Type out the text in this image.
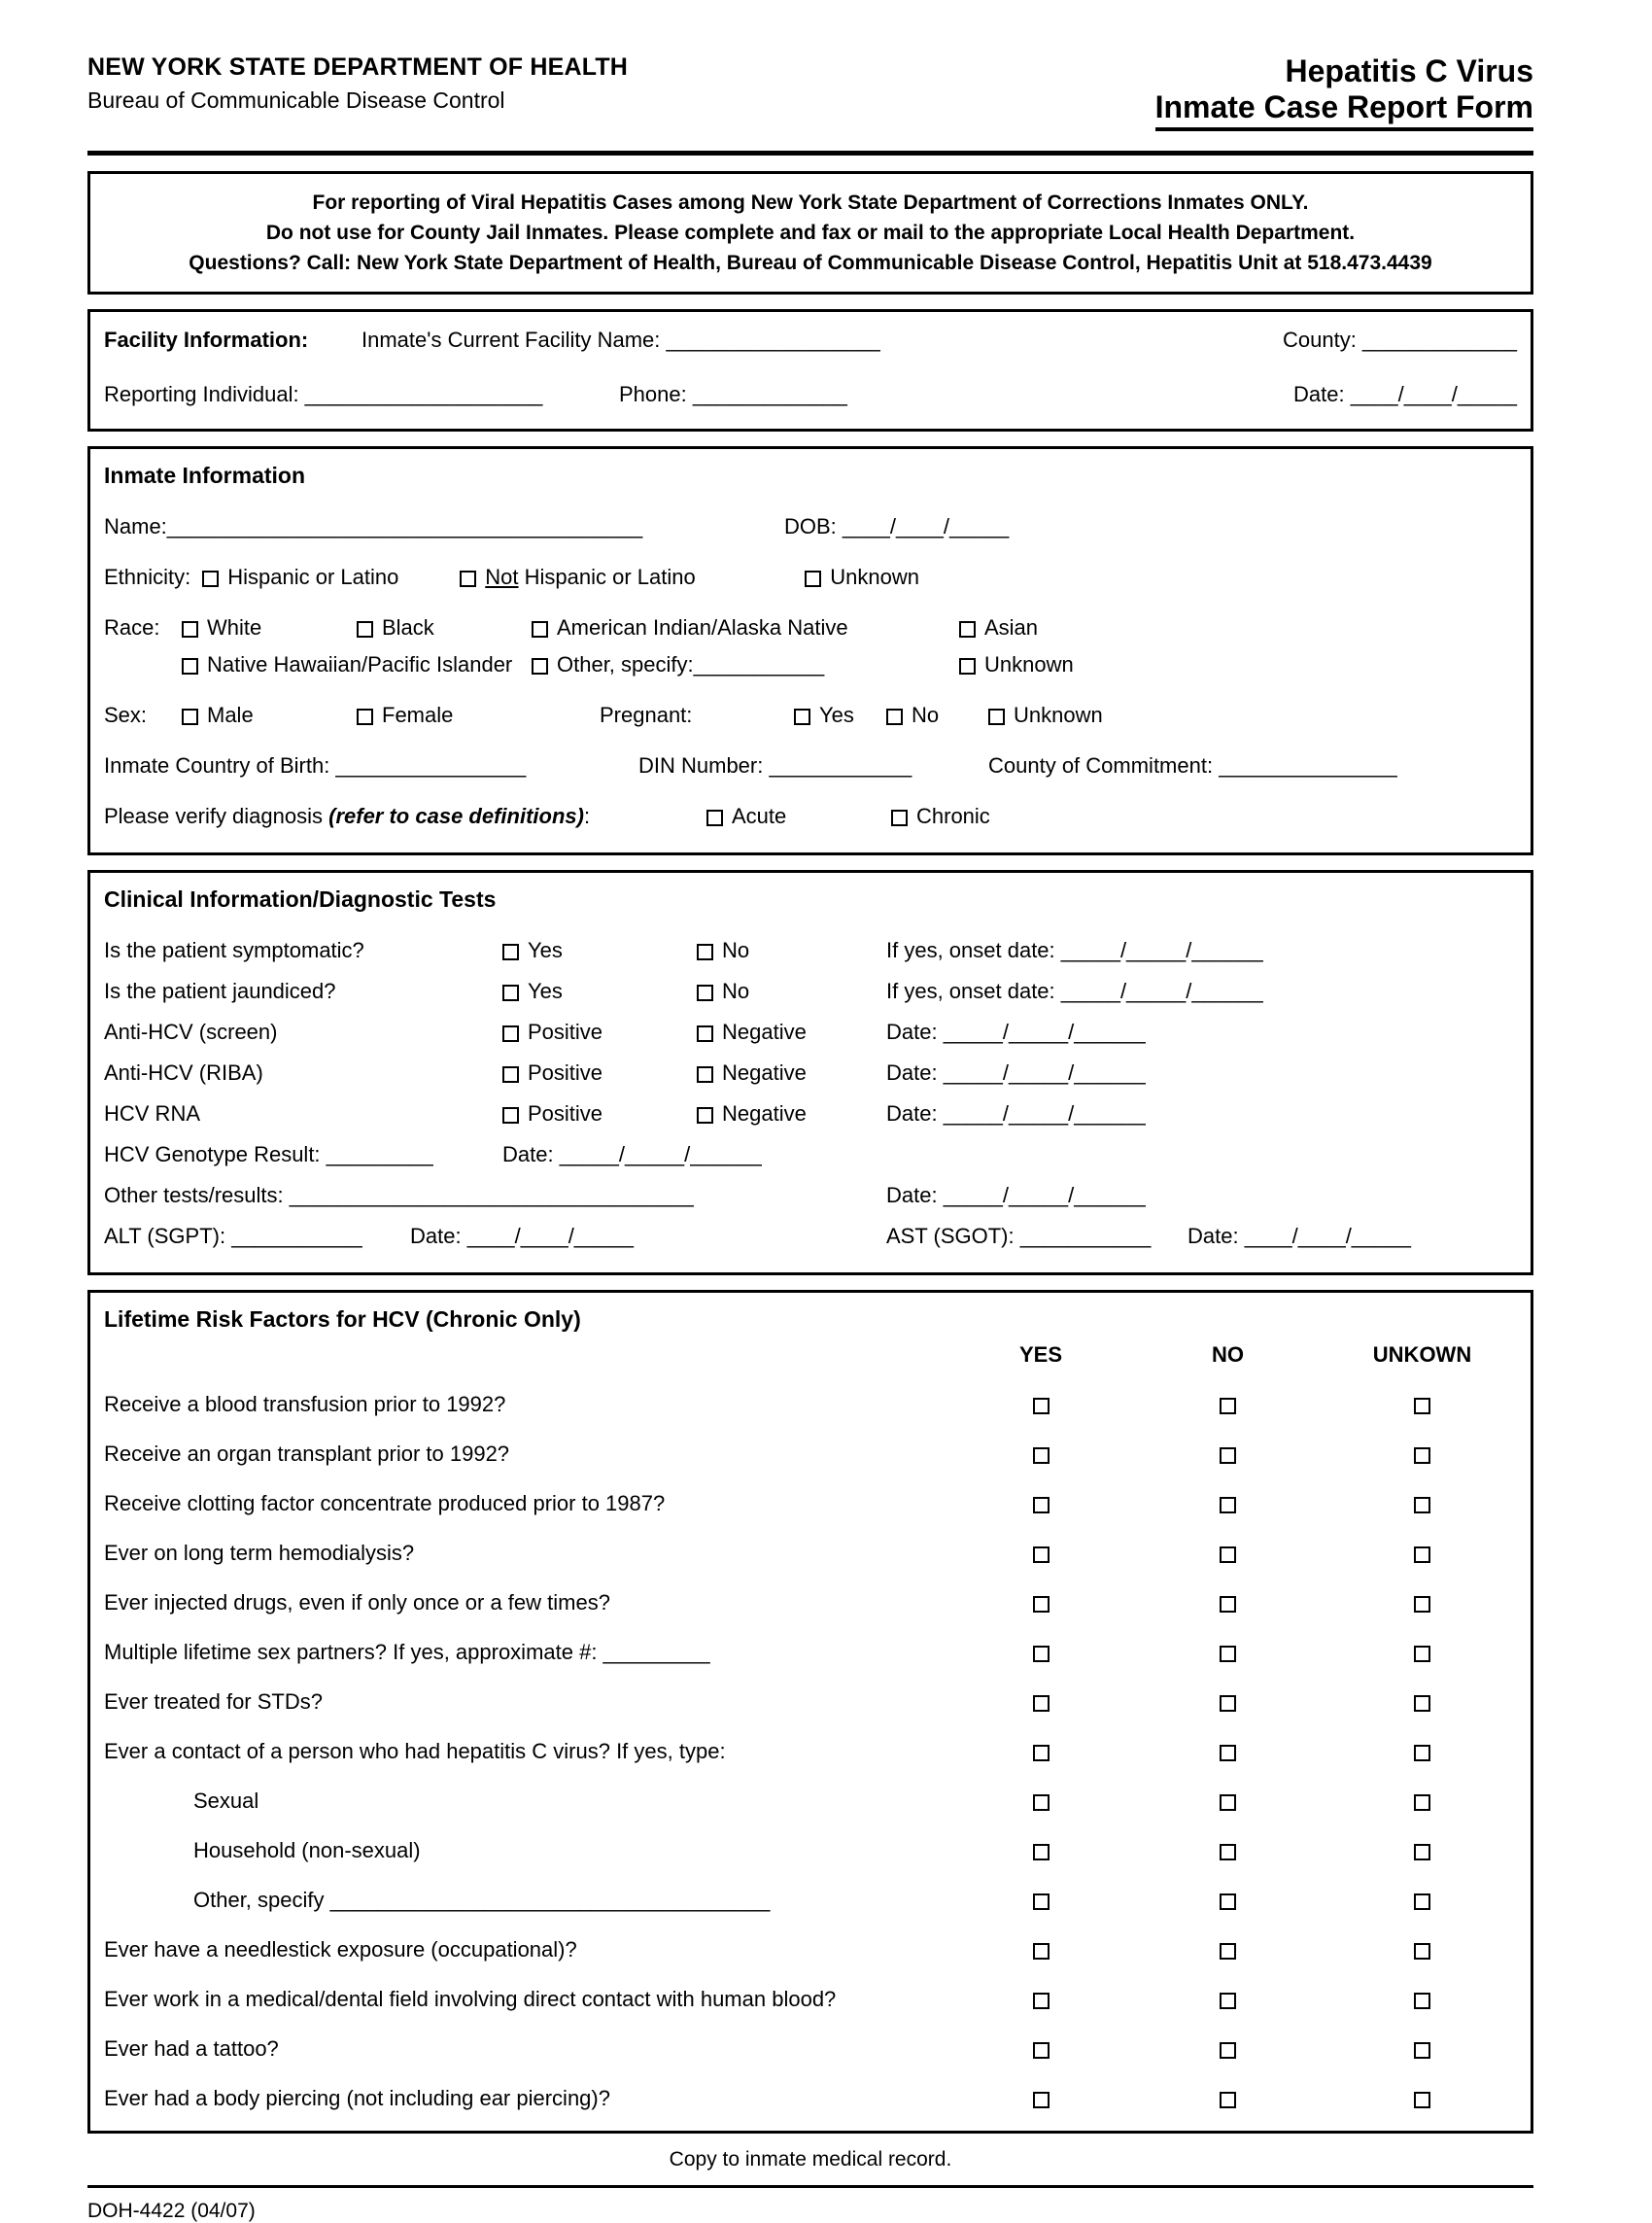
NEW YORK STATE DEPARTMENT OF HEALTH
Bureau of Communicable Disease Control
Hepatitis C Virus
Inmate Case Report Form
For reporting of Viral Hepatitis Cases among New York State Department of Corrections Inmates ONLY.
Do not use for County Jail Inmates. Please complete and fax or mail to the appropriate Local Health Department.
Questions? Call: New York State Department of Health, Bureau of Communicable Disease Control, Hepatitis Unit at 518.473.4439
Facility Information:	Inmate's Current Facility Name: __________________	County: _____________
Reporting Individual: ____________________	Phone: _____________	Date: ____/____/_____
Inmate Information
Name:________________________________________	DOB: ____/____/_____
Ethnicity:	Hispanic or Latino	Not Hispanic or Latino	Unknown
Race:	White	Black	American Indian/Alaska Native	Asian
Native Hawaiian/Pacific Islander	Other, specify:___________	Unknown
Sex:	Male	Female	Pregnant:	Yes	No	Unknown
Inmate Country of Birth: ________________	DIN Number: ____________	County of Commitment: _______________
Please verify diagnosis (refer to case definitions):	Acute	Chronic
Clinical Information/Diagnostic Tests
Is the patient symptomatic?	Yes	No	If yes, onset date: _____/_____/______
Is the patient jaundiced?	Yes	No	If yes, onset date: _____/_____/______
Anti-HCV (screen)	Positive	Negative	Date: _____/_____/______
Anti-HCV (RIBA)	Positive	Negative	Date: _____/_____/______
HCV RNA	Positive	Negative	Date: _____/_____/______
HCV Genotype Result: _________	Date: _____/_____/______
Other tests/results: __________________________________	Date: _____/_____/______
ALT (SGPT): ___________	Date: ____/____/_____	AST (SGOT): ___________	Date: ____/____/_____
Lifetime Risk Factors for HCV (Chronic Only)
YES	NO	UNKOWN
Receive a blood transfusion prior to 1992?
Receive an organ transplant prior to 1992?
Receive clotting factor concentrate produced prior to 1987?
Ever on long term hemodialysis?
Ever injected drugs, even if only once or a few times?
Multiple lifetime sex partners? If yes, approximate #: _________
Ever treated for STDs?
Ever a contact of a person who had hepatitis C virus? If yes, type:
Sexual
Household (non-sexual)
Other, specify _____________________________________
Ever have a needlestick exposure (occupational)?
Ever work in a medical/dental field involving direct contact with human blood?
Ever had a tattoo?
Ever had a body piercing (not including ear piercing)?
Copy to inmate medical record.
DOH-4422 (04/07)
